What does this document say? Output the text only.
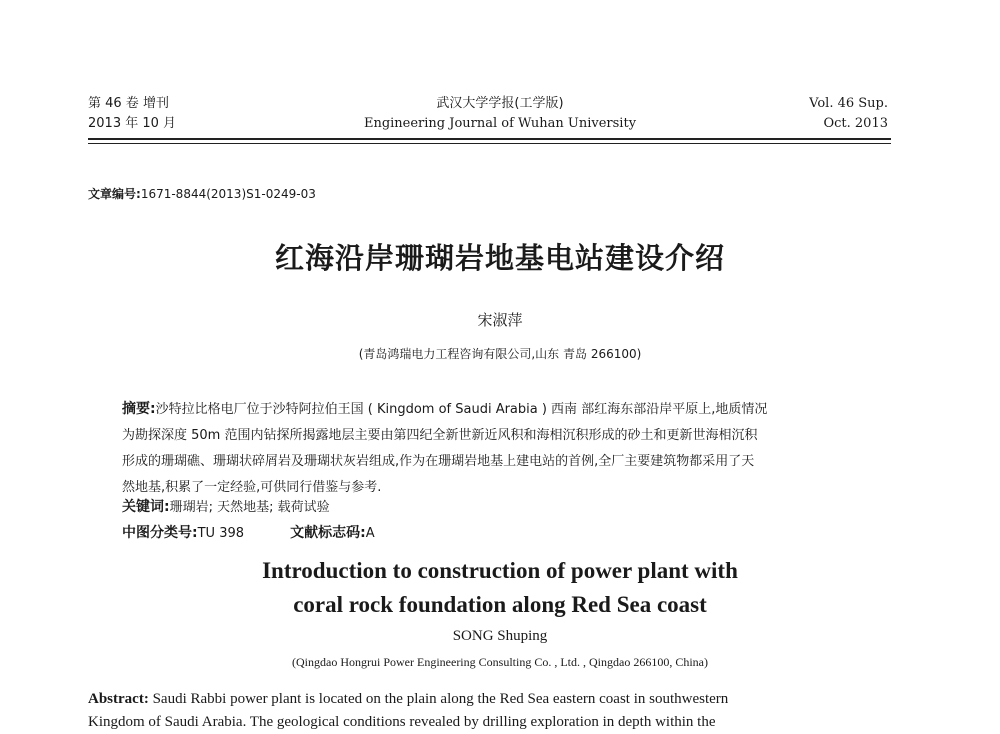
第 46 卷 增刊
2013 年 10 月
武汉大学学报(工学版)
Engineering Journal of Wuhan University
Vol. 46 Sup.
Oct. 2013
文章编号:1671-8844(2013)S1-0249-03
红海沿岸珊瑚岩地基电站建设介绍
宋淑萍
(青岛鸿瑞电力工程咨询有限公司,山东 青岛 266100)
摘要:沙特拉比格电厂位于沙特阿拉伯王国 ( Kingdom of Saudi Arabia ) 西南 部红海东部沿岸平原上,地质情况
为勘探深度 50m 范围内钻探所揭露地层主要由第四纪全新世新近风积和海相沉积形成的砂土和更新世海相沉积
形成的珊瑚礁、珊瑚状碎屑岩及珊瑚状灰岩组成,作为在珊瑚岩地基上建电站的首例,全厂主要建筑物都采用了天
然地基,积累了一定经验,可供同行借鉴与参考.
关键词:珊瑚岩; 天然地基; 载荷试验
中图分类号:TU 398	文献标志码:A
Introduction to construction of power plant with
coral rock foundation along Red Sea coast
SONG Shuping
(Qingdao Hongrui Power Engineering Consulting Co. , Ltd. , Qingdao 266100, China)
Abstract: Saudi Rabbi power plant is located on the plain along the Red Sea eastern coast in southwestern
Kingdom of Saudi Arabia. The geological conditions revealed by drilling exploration in depth within the
